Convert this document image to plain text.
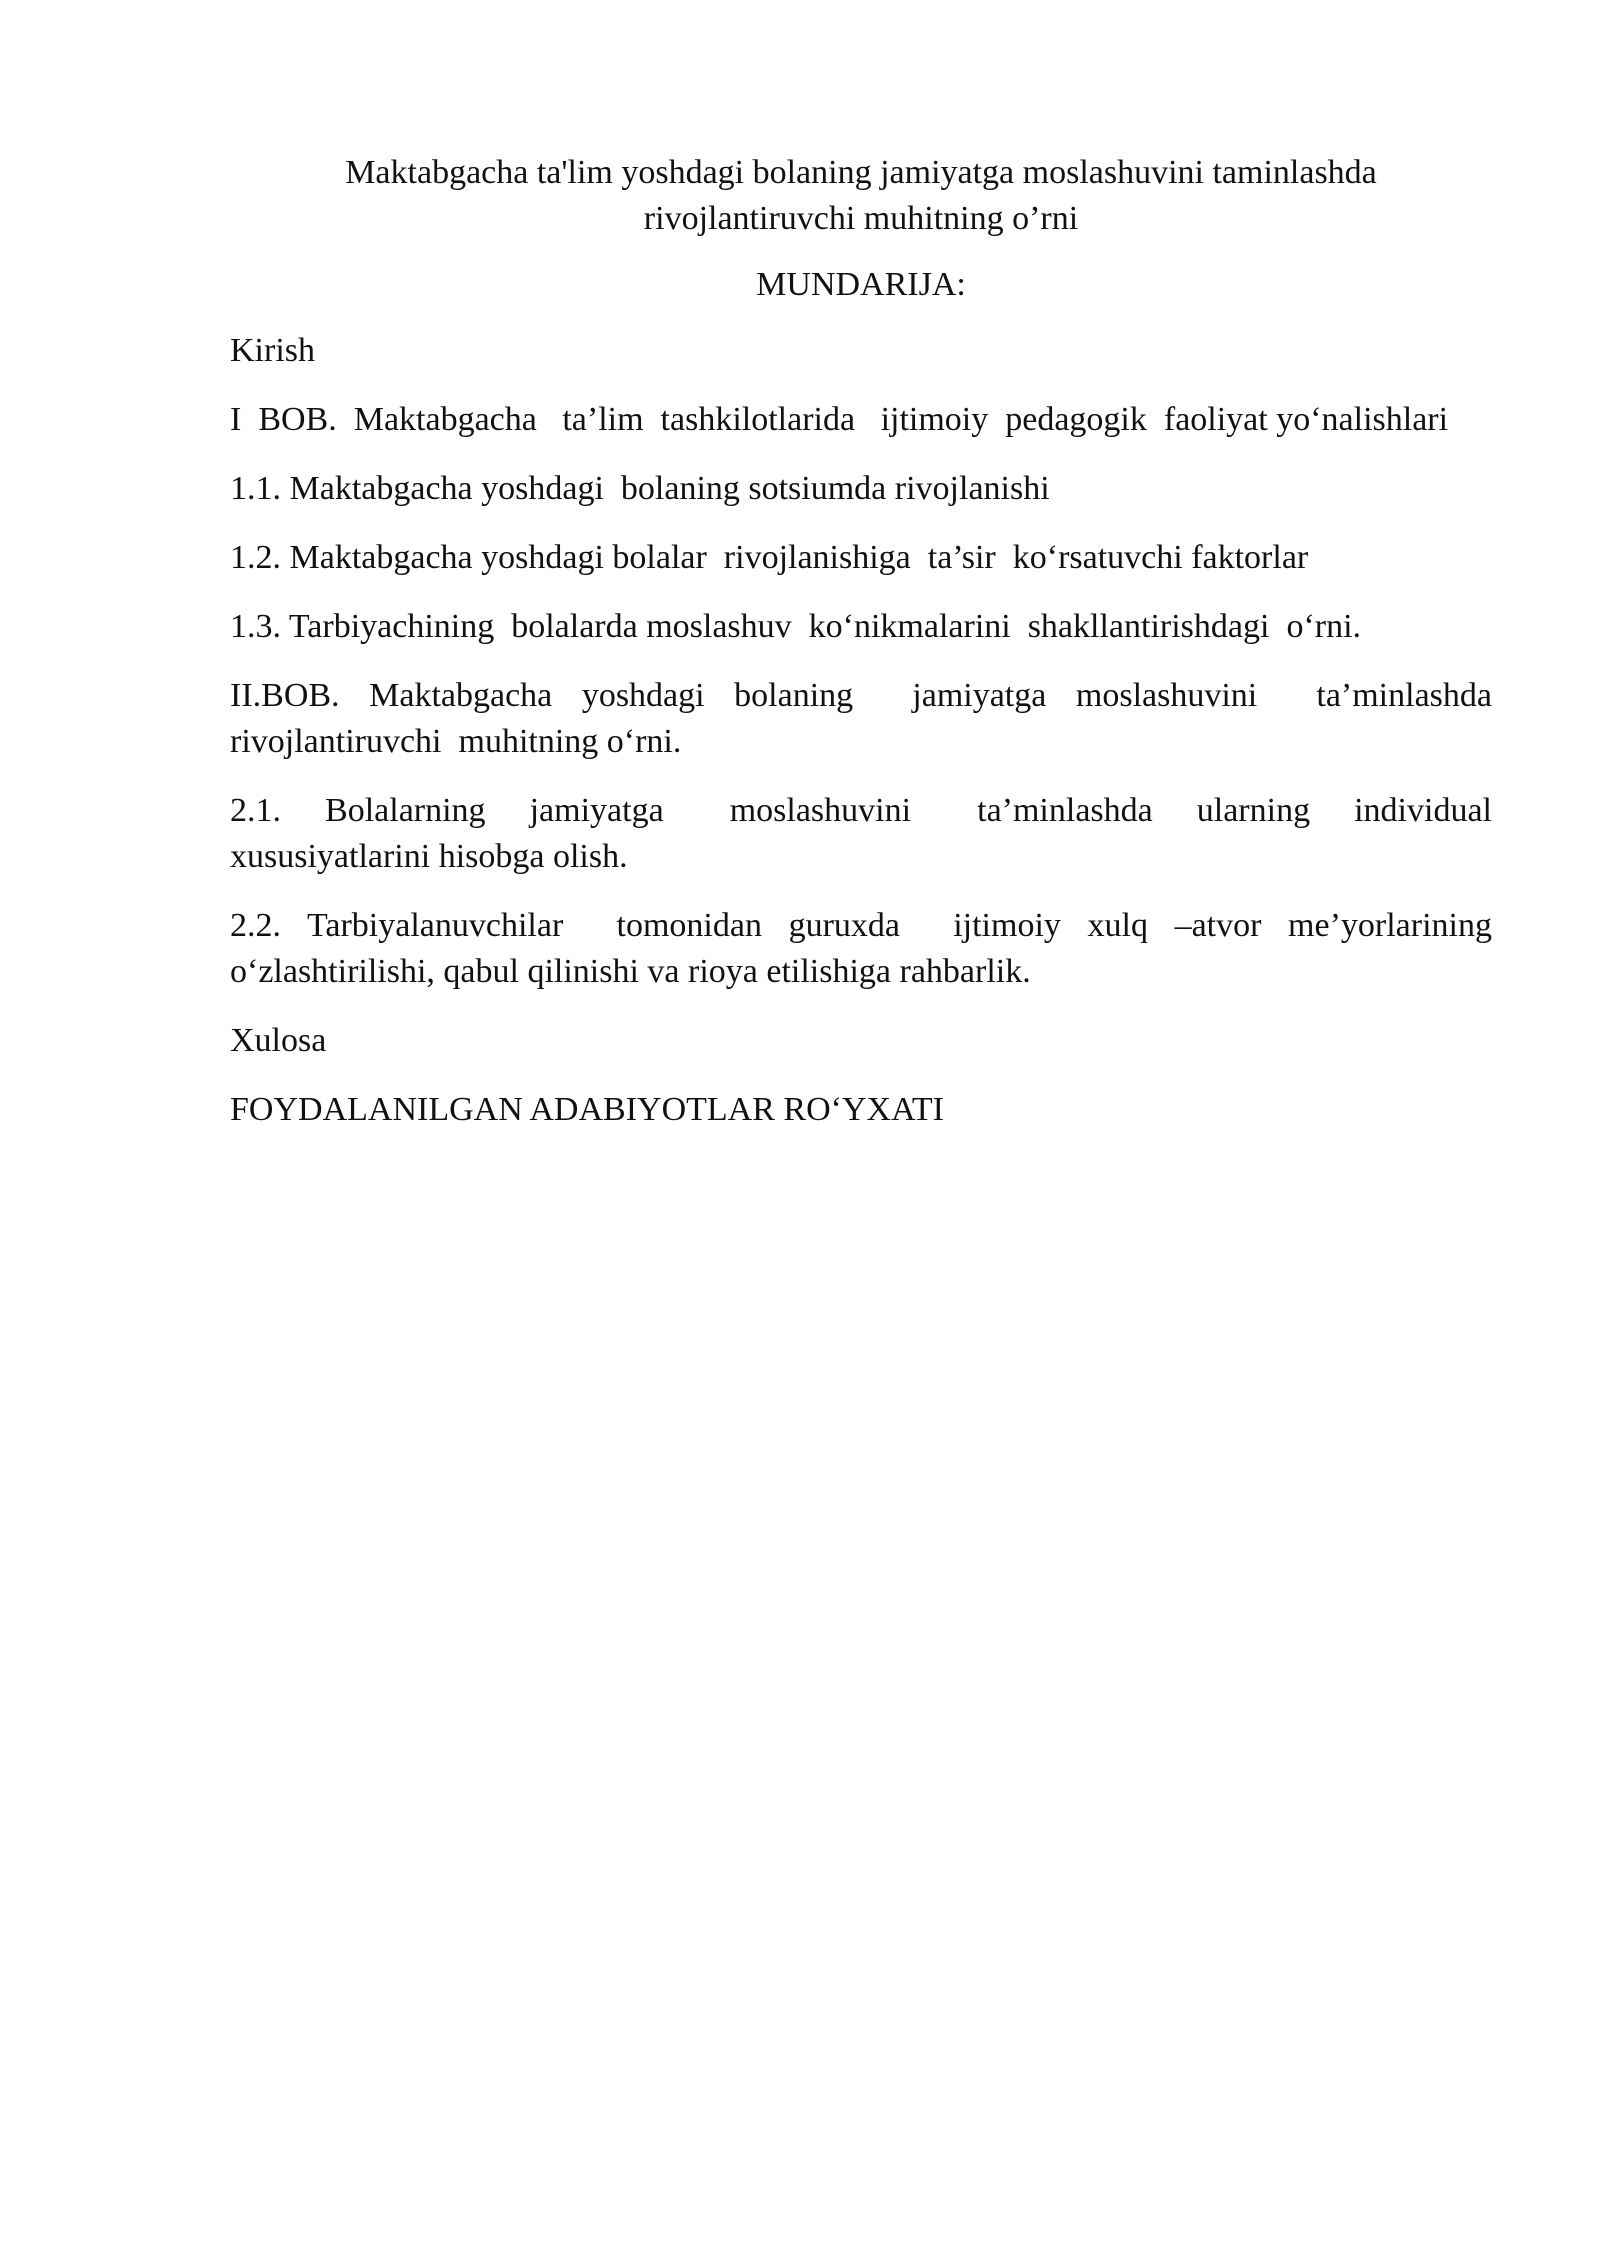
Maktabgacha ta'lim yoshdagi bolaning jamiyatga moslashuvini taminlashda
rivojlantiruvchi muhitning o’rni
MUNDARIJA:
Kirish
I  BOB.  Maktabgacha   ta’lim  tashkilotlarida   ijtimoiy  pedagogik  faoliyat yo‘nalishlari
1.1. Maktabgacha yoshdagi  bolaning sotsiumda rivojlanishi
1.2. Maktabgacha yoshdagi bolalar  rivojlanishiga  ta’sir  ko‘rsatuvchi faktorlar
1.3. Tarbiyachining  bolalarda moslashuv  ko‘nikmalarini  shakllantirishdagi  o‘rni.
II.BOB. Maktabgacha yoshdagi bolaning  jamiyatga moslashuvini  ta’minlashda rivojlantiruvchi  muhitning o‘rni.
2.1.  Bolalarning  jamiyatga   moslashuvini   ta’minlashda  ularning  individual xususiyatlarini hisobga olish.
2.2. Tarbiyalanuvchilar  tomonidan guruxda  ijtimoiy xulq –atvor me’yorlarining o‘zlashtirilishi, qabul qilinishi va rioya etilishiga rahbarlik.
Xulosa
FOYDALANILGAN ADABIYOTLAR RO‘YXATI
